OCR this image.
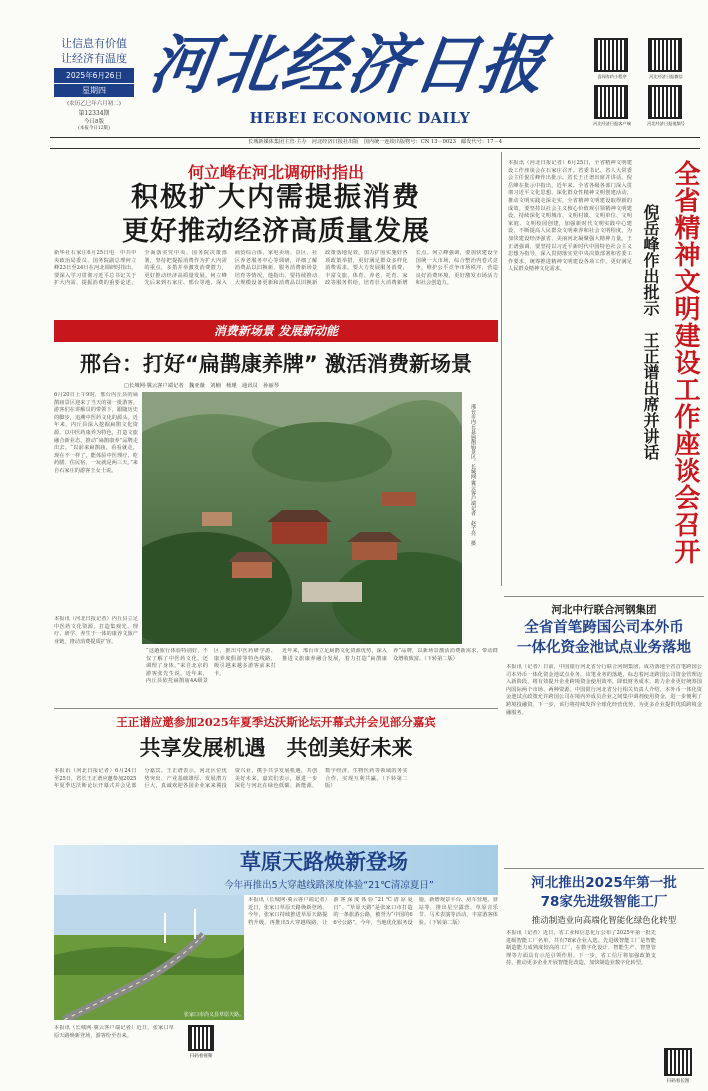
让信息有价值
让经济有温度
2025年6月26日
星期四
(农历乙巳年六月初二)
第12334期
今日8版
(本报今日12版)
河北经济日报
HEBEI ECONOMIC DAILY
喜闻有约小程序	河北经济日报微信
河北经济日报客户端	河北经济日报视频号
长城新媒体集团主管·主办　河北经济日报社出版　国内统一连续出版物号：CN 13－0023　邮发代号：17－4
何立峰在河北调研时指出
积极扩大内需提振消费
更好推动经济高质量发展
新华社石家庄6月25日电　中共中央政治局委员、国务院副总理何立峰23日至24日在河北调研时指出，要深入学习贯彻习近平总书记关于扩大内需、提振消费的重要论述，全面落实党中央、国务院决策部署，坚持把提振消费作为扩大内需的重点，多措并举激发消费潜力，更好推动经济高质量发展。何立峰先后来到石家庄、邢台等地，深入商贸综合体、家电卖场、景区、社区养老服务中心等调研，详细了解消费品以旧换新、服务消费新场景培育等情况。他指出，要持续推动大规模设备更新和消费品以旧换新政策落地见效，加力扩围实施好各项政策举措，更好满足群众多样化消费需求。要大力发展服务消费，丰富文旅、体育、养老、托育、家政等服务供给，培育壮大消费新增长点。何立峰强调，要加快建设全国统一大市场，综合整治内卷式竞争，维护公平竞争市场秩序，营造良好消费环境，更好激发市场活力和社会创造力。
消费新场景 发展新动能
邢台：打好“扁鹊康养牌” 激活消费新场景
□长城网·冀云客户端记者　魏亚薇　刘楠　杨瑾　通讯员　孙丽琴
6月20日上午9时，邢台内丘县的扁鹊庙景区迎来了当天的第一批游客。游客们在讲解员的带领下，跟随历史的脚步，追溯中医药文化的源头。近年来，内丘县深入挖掘扁鹊文化资源，以中医药康养为特色，打造文旅融合新业态，推动“扁鹊康养”品牌走出去。“以前来扁鹊庙，看看就走。现在不一样了，能体验中医理疗、吃药膳、住民宿，一玩就是两三天。”来自石家庄的游客王女士说。	邢台市内丘县扁鹊庙景区。长城网·冀云客户端记者　赵子亮　摄
本报讯（河北日报记者）内丘县立足中医药文化资源，打造集观光、理疗、研学、养生于一体的康养文旅产业链，推动消费提质扩容。
“这趟旅行体验特别好，不仅了解了中医药文化，还调理了身体。”来自北京的游客张先生说。近年来，内丘县依托扁鹊庙4A级景区，推出中医药研学游、康养度假游等特色线路，吸引越来越多游客前来打卡。
近年来，邢台市立足扁鹊文化资源优势，深入推进文旅康养融合发展，着力打造“扁鹊康养”品牌，以新场景激活消费新需求，带动群众增收致富。（下转第二版）
王正谱应邀参加2025年夏季达沃斯论坛开幕式并会见部分嘉宾
共享发展机遇　共创美好未来
本报讯（河北日报记者）6月24日至25日，省长王正谱应邀参加2025年夏季达沃斯论坛开幕式并会见部分嘉宾。王正谱表示，河北区位优势突出、产业基础雄厚、发展潜力巨大，真诚欢迎各国企业家来冀投资兴业，携手共享发展机遇，共创美好未来。嘉宾们表示，愿进一步深化与河北在绿色低碳、新能源、数字经济、生物医药等领域的务实合作，实现互利共赢。（下转第二版）
草原天路焕新登场
今年再推出5大穿越线路深度体验“21℃清凉夏日”
张家口市尚义县草原天路。
本报讯（长城网·冀云客户端记者）近日，张家口草原天路焕新登场。今年，张家口持续推进草原天路提档升级，再推出5大穿越线路，让游客深度体验“21℃清凉夏日”。“草原天路”是张家口市打造的一条旅游公路，被誉为“中国的66号公路”。今年，当地优化服务设施，新增观景平台、房车营地、驿站等，推出星空露营、草原音乐节、马术表演等活动，丰富游客体验。（下转第二版）
扫码看视频
本报讯（长城网·冀云客户端记者）近日，张家口草原天路焕新登场，游客纷至沓来。
本报讯（河北日报记者）6月25日，全省精神文明建设工作座谈会在石家庄召开。省委书记、省人大常委会主任倪岳峰作出批示。省长王正谱出席并讲话。倪岳峰在批示中指出，近年来，全省各级各部门深入贯彻习近平文化思想，深化群众性精神文明创建活动，推动文明实践走深走实，全省精神文明建设取得新的成效。要坚持以社会主义核心价值观引领精神文明建设，持续深化文明城市、文明村镇、文明单位、文明家庭、文明校园创建，加强新时代文明实践中心建设，不断提高人民群众文明素养和社会文明程度，为加快建设经济强省、美丽河北凝聚强大精神力量。王正谱强调，要坚持以习近平新时代中国特色社会主义思想为指导，深入贯彻落实党中央决策部署和省委工作要求，统筹推进精神文明建设各项工作，更好满足人民群众精神文化需求。	全省精神文明建设工作座谈会召开
倪岳峰作出批示　王正谱出席并讲话
河北中行联合河钢集团
全省首笔跨国公司本外币
一体化资金池试点业务落地
本报讯（记者）日前，中国银行河北省分行联合河钢集团，成功落地全省首笔跨国公司本外币一体化资金池试点业务。该笔业务的落地，标志着河北跨国公司资金管理迈入新阶段，将有效提升企业跨境资金使用效率，降低财务成本，助力企业更好统筹国内国际两个市场、两种资源。中国银行河北省分行相关负责人介绍，本外币一体化资金池试点政策允许跨国公司在境内外成员企业之间集中调剂使用资金，进一步便利了跨境投融资。下一步，该行将持续发挥全球化经营优势，为更多企业提供优质跨境金融服务。
河北推出2025年第一批
78家先进级智能工厂
推动制造业向高端化智能化绿色化转型
本报讯（记者）近日，省工业和信息化厅公布了2025年第一批先进级智能工厂名单，共有78家企业入选。先进级智能工厂是智能制造能力成熟度较高的工厂，在数字化设计、智能生产、智慧管理等方面具有示范引领作用。下一步，省工信厅将加强政策支持，推动更多企业开展智能化改造，加快制造业数字化转型。
扫码看长图
